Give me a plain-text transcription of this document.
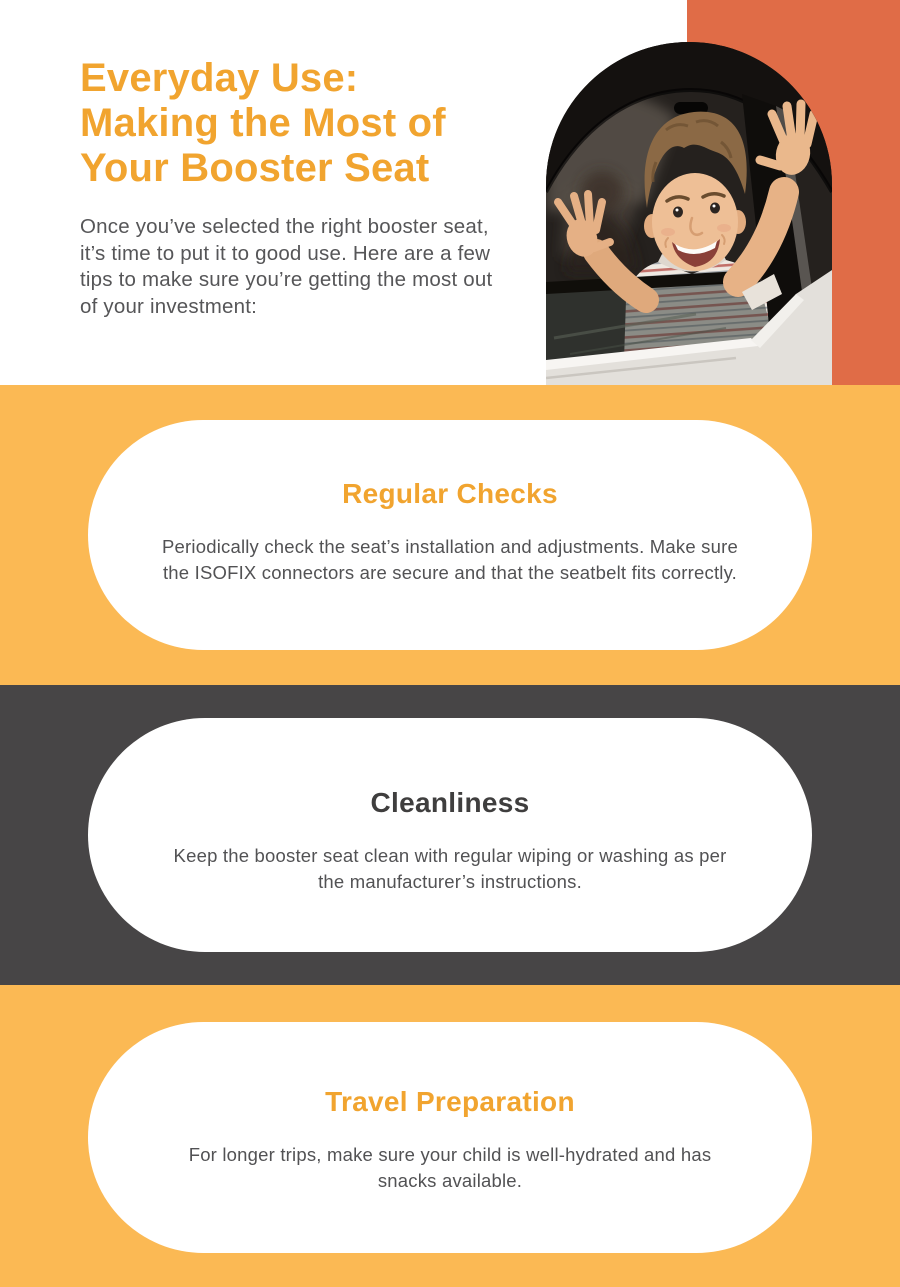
Everyday Use:
Making the Most of
Your Booster Seat

Once you’ve selected the right booster seat, it’s time to put it to good use. Here are a few tips to make sure you’re getting the most out of your investment:

Regular Checks

Periodically check the seat’s installation and adjustments. Make sure the ISOFIX connectors are secure and that the seatbelt fits correctly.

Cleanliness

Keep the booster seat clean with regular wiping or washing as per the manufacturer’s instructions.

Travel Preparation

For longer trips, make sure your child is well-hydrated and has snacks available.
